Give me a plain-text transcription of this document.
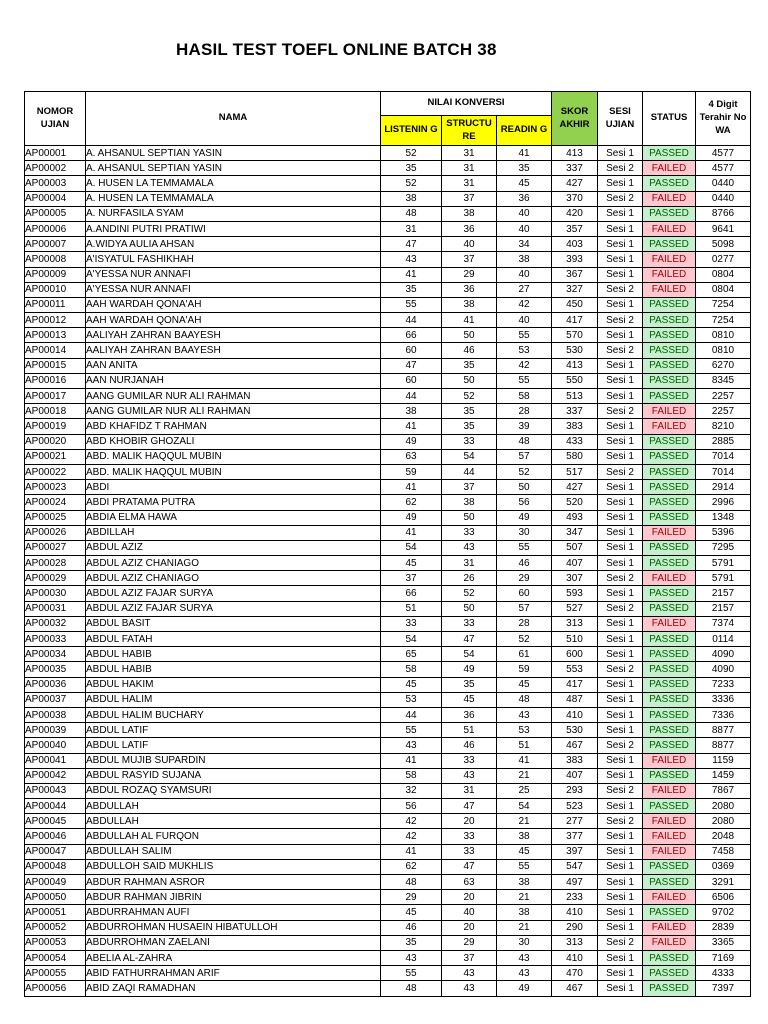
HASIL TEST TOEFL ONLINE BATCH 38
NOMOR UJIAN	NAMA	NILAI KONVERSI			SKOR AKHIR	SESI UJIAN	STATUS	4 Digit Terahir No WA
		LISTENIN G	STRUCTU RE	READIN G				
AP00001	A. AHSANUL SEPTIAN YASIN	52	31	41	413	Sesi 1	PASSED	4577
AP00002	A. AHSANUL SEPTIAN YASIN	35	31	35	337	Sesi 2	FAILED	4577
AP00003	A. HUSEN LA TEMMAMALA	52	31	45	427	Sesi 1	PASSED	0440
AP00004	A. HUSEN LA TEMMAMALA	38	37	36	370	Sesi 2	FAILED	0440
AP00005	A. NURFASILA SYAM	48	38	40	420	Sesi 1	PASSED	8766
AP00006	A.ANDINI PUTRI PRATIWI	31	36	40	357	Sesi 1	FAILED	9641
AP00007	A.WIDYA AULIA AHSAN	47	40	34	403	Sesi 1	PASSED	5098
AP00008	A'ISYATUL FASHIKHAH	43	37	38	393	Sesi 1	FAILED	0277
AP00009	A'YESSA NUR ANNAFI	41	29	40	367	Sesi 1	FAILED	0804
AP00010	A'YESSA NUR ANNAFI	35	36	27	327	Sesi 2	FAILED	0804
AP00011	AAH WARDAH QONA'AH	55	38	42	450	Sesi 1	PASSED	7254
AP00012	AAH WARDAH QONA'AH	44	41	40	417	Sesi 2	PASSED	7254
AP00013	AALIYAH ZAHRAN BAAYESH	66	50	55	570	Sesi 1	PASSED	0810
AP00014	AALIYAH ZAHRAN BAAYESH	60	46	53	530	Sesi 2	PASSED	0810
AP00015	AAN ANITA	47	35	42	413	Sesi 1	PASSED	6270
AP00016	AAN NURJANAH	60	50	55	550	Sesi 1	PASSED	8345
AP00017	AANG GUMILAR NUR ALI RAHMAN	44	52	58	513	Sesi 1	PASSED	2257
AP00018	AANG GUMILAR NUR ALI RAHMAN	38	35	28	337	Sesi 2	FAILED	2257
AP00019	ABD KHAFIDZ T RAHMAN	41	35	39	383	Sesi 1	FAILED	8210
AP00020	ABD KHOBIR GHOZALI	49	33	48	433	Sesi 1	PASSED	2885
AP00021	ABD. MALIK HAQQUL MUBIN	63	54	57	580	Sesi 1	PASSED	7014
AP00022	ABD. MALIK HAQQUL MUBIN	59	44	52	517	Sesi 2	PASSED	7014
AP00023	ABDI	41	37	50	427	Sesi 1	PASSED	2914
AP00024	ABDI PRATAMA PUTRA	62	38	56	520	Sesi 1	PASSED	2996
AP00025	ABDIA ELMA HAWA	49	50	49	493	Sesi 1	PASSED	1348
AP00026	ABDILLAH	41	33	30	347	Sesi 1	FAILED	5396
AP00027	ABDUL AZIZ	54	43	55	507	Sesi 1	PASSED	7295
AP00028	ABDUL AZIZ CHANIAGO	45	31	46	407	Sesi 1	PASSED	5791
AP00029	ABDUL AZIZ CHANIAGO	37	26	29	307	Sesi 2	FAILED	5791
AP00030	ABDUL AZIZ FAJAR SURYA	66	52	60	593	Sesi 1	PASSED	2157
AP00031	ABDUL AZIZ FAJAR SURYA	51	50	57	527	Sesi 2	PASSED	2157
AP00032	ABDUL BASIT	33	33	28	313	Sesi 1	FAILED	7374
AP00033	ABDUL FATAH	54	47	52	510	Sesi 1	PASSED	0114
AP00034	ABDUL HABIB	65	54	61	600	Sesi 1	PASSED	4090
AP00035	ABDUL HABIB	58	49	59	553	Sesi 2	PASSED	4090
AP00036	ABDUL HAKIM	45	35	45	417	Sesi 1	PASSED	7233
AP00037	ABDUL HALIM	53	45	48	487	Sesi 1	PASSED	3336
AP00038	ABDUL HALIM BUCHARY	44	36	43	410	Sesi 1	PASSED	7336
AP00039	ABDUL LATIF	55	51	53	530	Sesi 1	PASSED	8877
AP00040	ABDUL LATIF	43	46	51	467	Sesi 2	PASSED	8877
AP00041	ABDUL MUJIB SUPARDIN	41	33	41	383	Sesi 1	FAILED	1159
AP00042	ABDUL RASYID SUJANA	58	43	21	407	Sesi 1	PASSED	1459
AP00043	ABDUL ROZAQ SYAMSURI	32	31	25	293	Sesi 2	FAILED	7867
AP00044	ABDULLAH	56	47	54	523	Sesi 1	PASSED	2080
AP00045	ABDULLAH	42	20	21	277	Sesi 2	FAILED	2080
AP00046	ABDULLAH AL FURQON	42	33	38	377	Sesi 1	FAILED	2048
AP00047	ABDULLAH SALIM	41	33	45	397	Sesi 1	FAILED	7458
AP00048	ABDULLOH SAID MUKHLIS	62	47	55	547	Sesi 1	PASSED	0369
AP00049	ABDUR RAHMAN ASROR	48	63	38	497	Sesi 1	PASSED	3291
AP00050	ABDUR RAHMAN JIBRIN	29	20	21	233	Sesi 1	FAILED	6506
AP00051	ABDURRAHMAN AUFI	45	40	38	410	Sesi 1	PASSED	9702
AP00052	ABDURROHMAN HUSAEIN HIBATULLOH	46	20	21	290	Sesi 1	FAILED	2839
AP00053	ABDURROHMAN ZAELANI	35	29	30	313	Sesi 2	FAILED	3365
AP00054	ABELIA AL-ZAHRA	43	37	43	410	Sesi 1	PASSED	7169
AP00055	ABID FATHURRAHMAN ARIF	55	43	43	470	Sesi 1	PASSED	4333
AP00056	ABID ZAQI RAMADHAN	48	43	49	467	Sesi 1	PASSED	7397
